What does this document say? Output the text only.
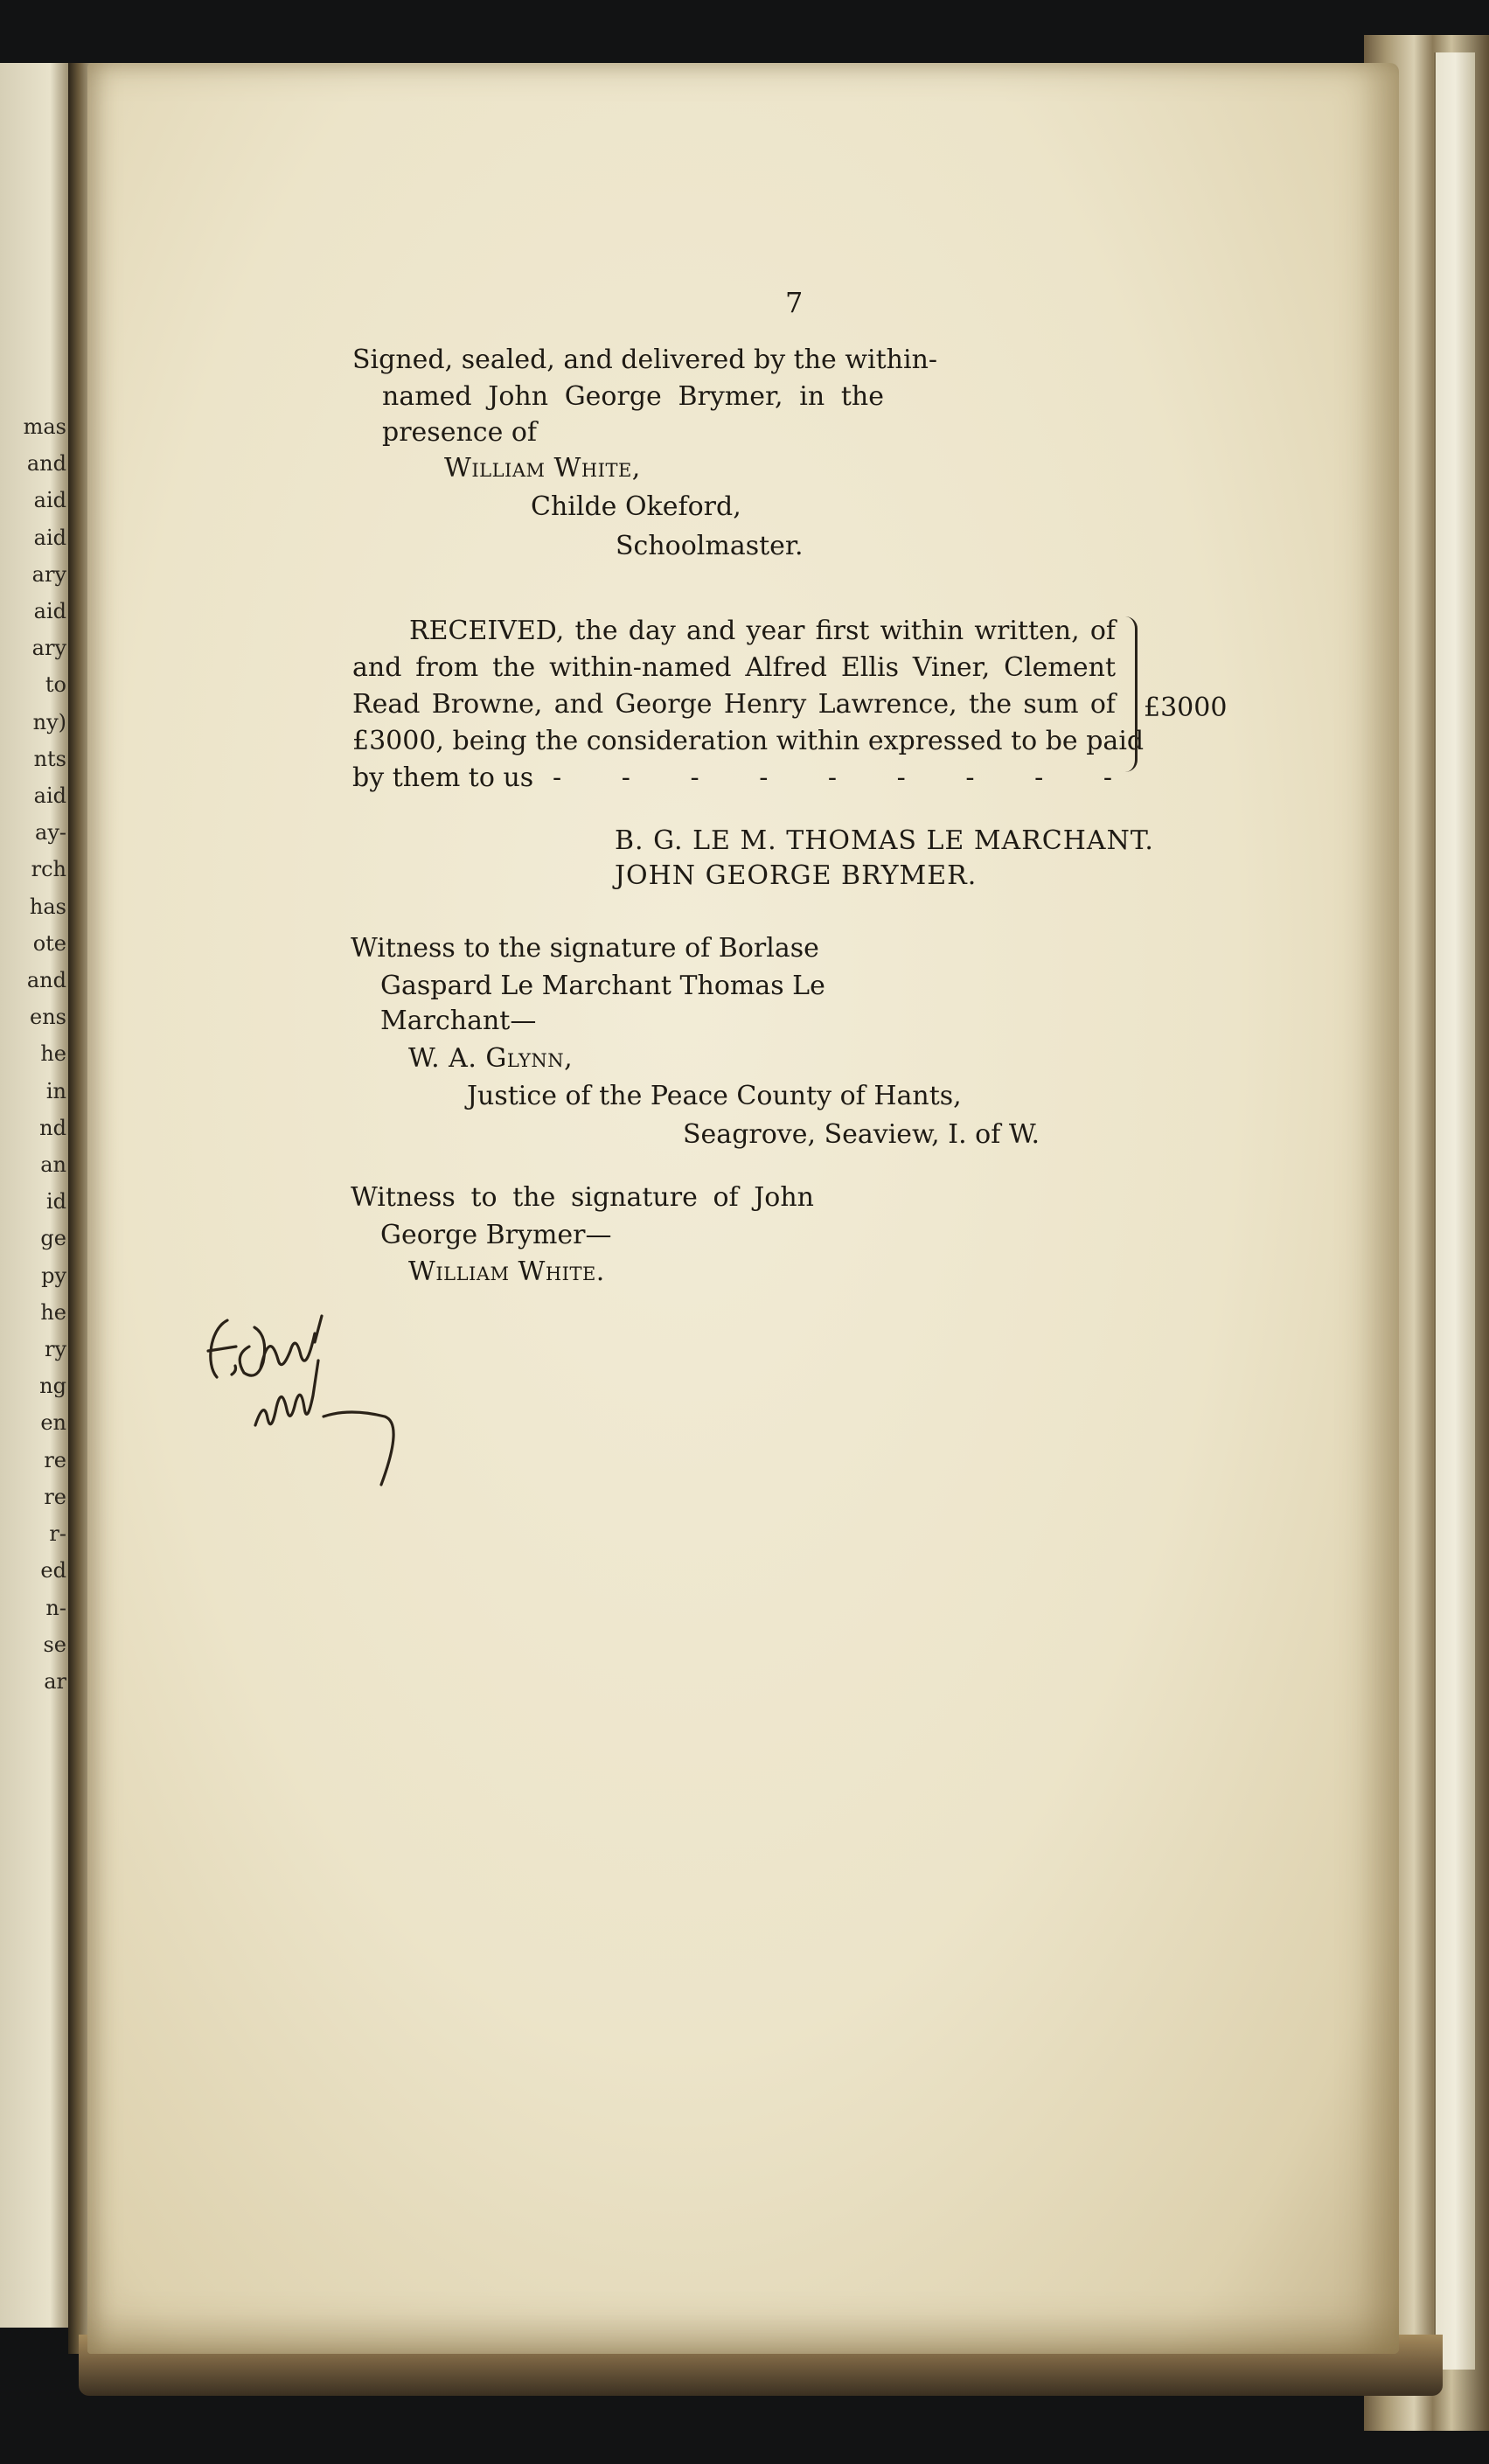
mas
and
aid
aid
ary
aid
ary
to
ny)
nts
aid
ay-
rch
has
ote
and
ens
he
in
nd
an
id
ge
py
he
ry
ng
en
re
re
r-
ed
n-
se
ar
7
Signed, sealed, and delivered by the within-
named John George Brymer, in the
presence of
William White,
Childe Okeford,
Schoolmaster.
RECEIVED, the day and year first within written, of
and from the within-named Alfred Ellis Viner, Clement
Read Browne, and George Henry Lawrence, the sum of
£3000, being the consideration within expressed to be paid
by them to us - - - - - - - - -
£3000
B. G. LE M. THOMAS LE MARCHANT.
JOHN GEORGE BRYMER.
Witness to the signature of Borlase
Gaspard Le Marchant Thomas Le
Marchant—
W. A. Glynn,
Justice of the Peace County of Hants,
Seagrove, Seaview, I. of W.
Witness to the signature of John
George Brymer—
William White.
